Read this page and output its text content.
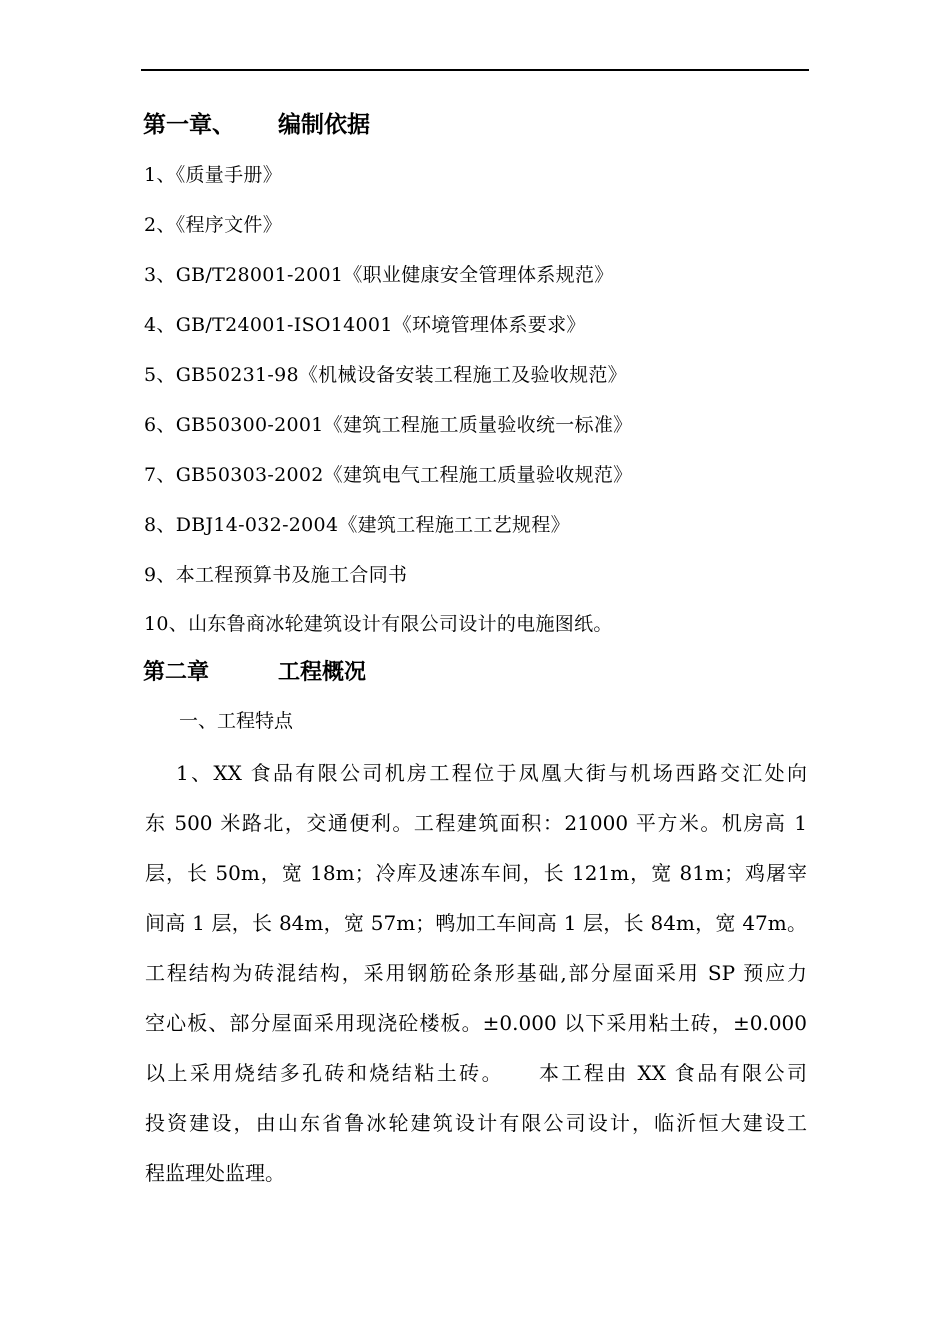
第一章、 编制依据
1、《质量手册》
2、《程序文件》
3、GB/T28001-2001《职业健康安全管理体系规范》
4、GB/T24001-ISO14001《环境管理体系要求》
5、GB50231-98《机械设备安装工程施工及验收规范》
6、GB50300-2001《建筑工程施工质量验收统一标准》
7、GB50303-2002《建筑电气工程施工质量验收规范》
8、DBJ14-032-2004《建筑工程施工工艺规程》
9、本工程预算书及施工合同书
10、山东鲁商冰轮建筑设计有限公司设计的电施图纸。
第二章	工程概况
一、工程特点
1、XX 食品有限公司机房工程位于凤凰大街与机场西路交汇处向
东 500 米路北，交通便利。工程建筑面积：21000 平方米。机房高 1
层，长 50m，宽 18m；冷库及速冻车间，长 121m，宽 81m；鸡屠宰
间高 1 层，长 84m，宽 57m；鸭加工车间高 1 层，长 84m，宽 47m。
工程结构为砖混结构，采用钢筋砼条形基础,部分屋面采用 SP 预应力
空心板、部分屋面采用现浇砼楼板。±0.000 以下采用粘土砖，±0.000
以上采用烧结多孔砖和烧结粘土砖。　　本工程由 XX 食品有限公司
投资建设，由山东省鲁冰轮建筑设计有限公司设计，临沂恒大建设工
程监理处监理。
